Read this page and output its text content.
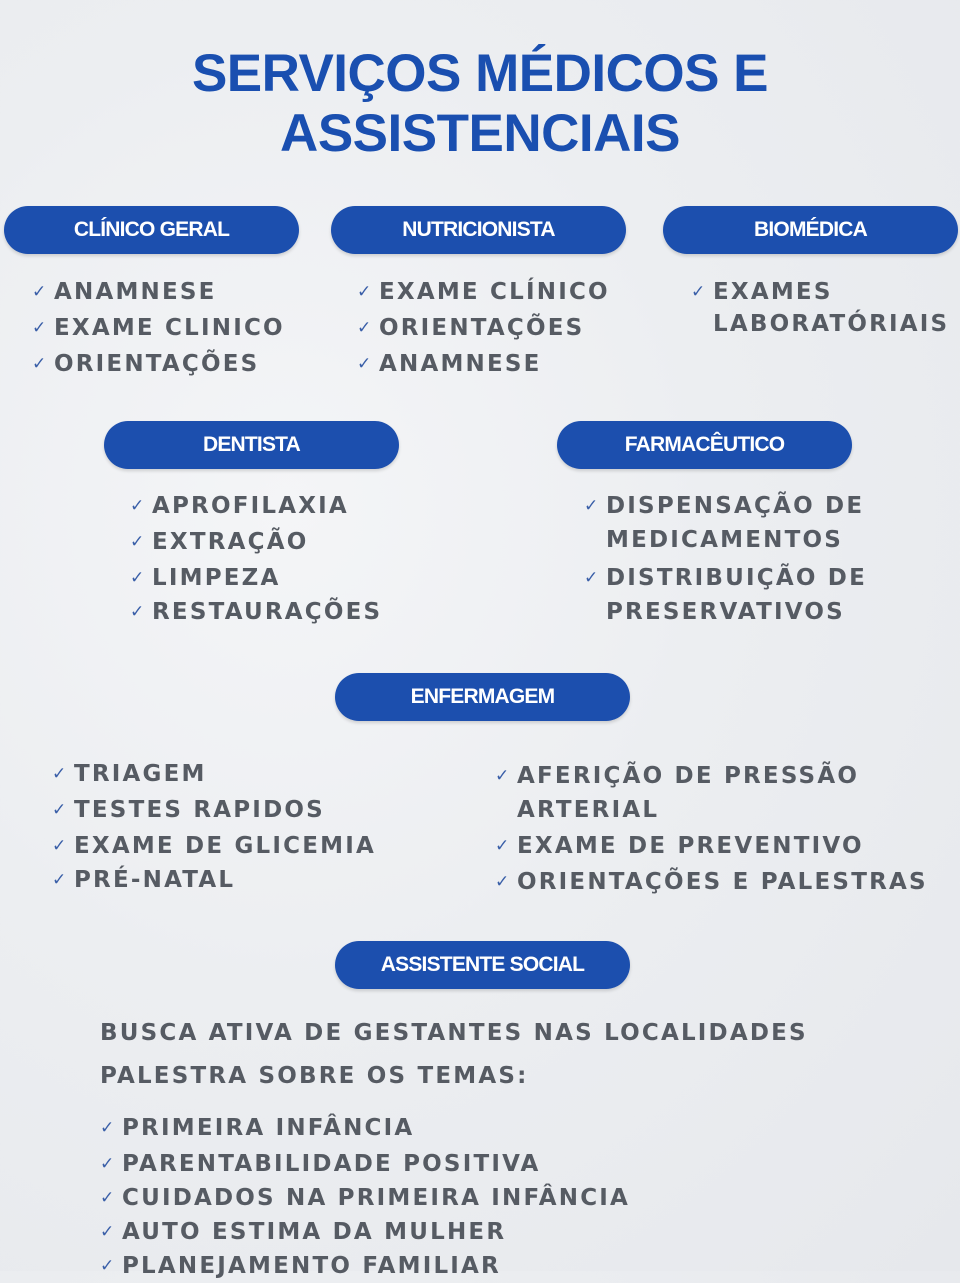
SERVIÇOS MÉDICOS E
ASSISTENCIAIS
CLÍNICO GERAL	NUTRICIONISTA	BIOMÉDICA
✓ ANAMNESE
✓ EXAME CLINICO
✓ ORIENTAÇÕES
✓ EXAME CLÍNICO
✓ ORIENTAÇÕES
✓ ANAMNESE
✓ EXAMES
LABORATÓRIAIS
DENTISTA	FARMACÊUTICO
✓ APROFILAXIA
✓ EXTRAÇÃO
✓ LIMPEZA
✓ RESTAURAÇÕES
✓ DISPENSAÇÃO DE
MEDICAMENTOS
✓ DISTRIBUIÇÃO DE
PRESERVATIVOS
ENFERMAGEM
✓ TRIAGEM
✓ TESTES RAPIDOS
✓ EXAME DE GLICEMIA
✓ PRÉ-NATAL
✓ AFERIÇÃO DE PRESSÃO
ARTERIAL
✓ EXAME DE PREVENTIVO
✓ ORIENTAÇÕES E PALESTRAS
ASSISTENTE SOCIAL
BUSCA ATIVA DE GESTANTES NAS LOCALIDADES
PALESTRA SOBRE OS TEMAS:
✓ PRIMEIRA INFÂNCIA
✓ PARENTABILIDADE POSITIVA
✓ CUIDADOS NA PRIMEIRA INFÂNCIA
✓ AUTO ESTIMA DA MULHER
✓ PLANEJAMENTO FAMILIAR
